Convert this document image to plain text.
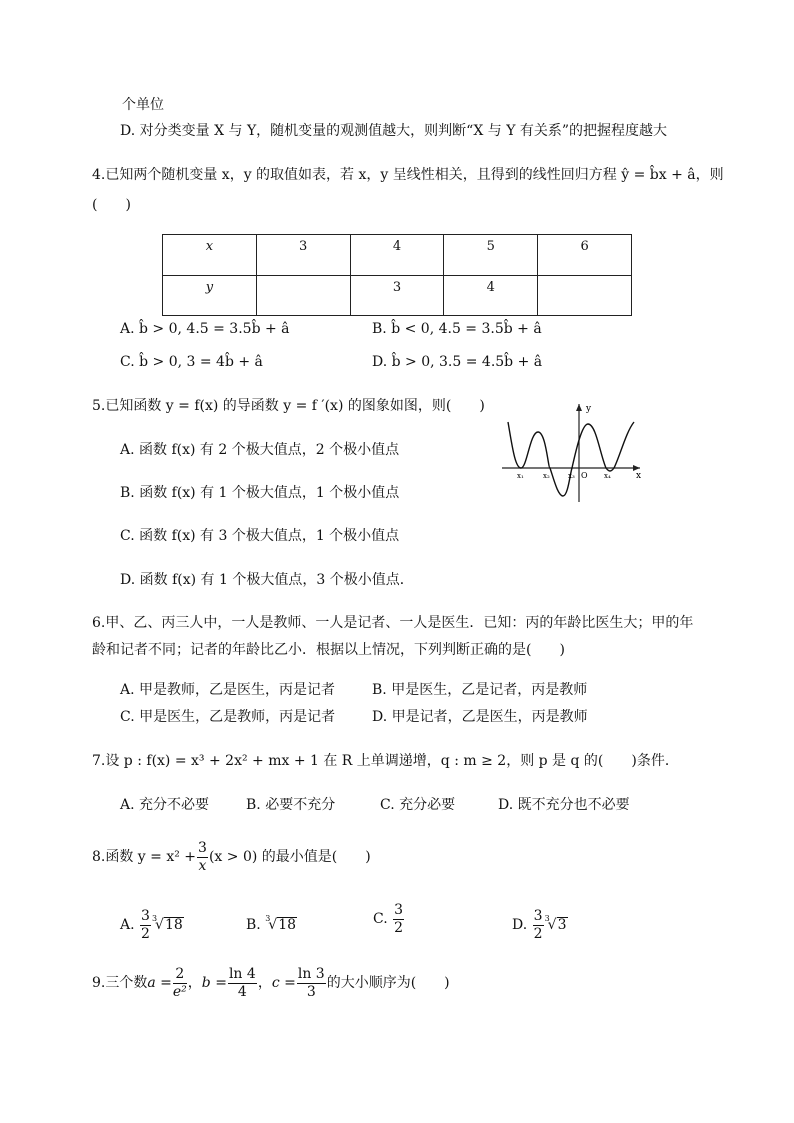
个单位
D. 对分类变量 X 与 Y，随机变量的观测值越大，则判断“X 与 Y 有关系”的把握程度越大
4.已知两个随机变量 x，y 的取值如表，若 x，y 呈线性相关，且得到的线性回归方程 ŷ = b̂x + â，则
(　　)
x	3	4	5	6
y		3	4	
A. b̂ > 0, 4.5 = 3.5b̂ + â	B. b̂ < 0, 4.5 = 3.5b̂ + â
C. b̂ > 0, 3 = 4b̂ + â	D. b̂ > 0, 3.5 = 4.5b̂ + â
5.已知函数 y = f(x) 的导函数 y = f ′(x) 的图象如图，则(　　)
A. 函数 f(x) 有 2 个极大值点，2 个极小值点
B. 函数 f(x) 有 1 个极大值点，1 个极小值点
C. 函数 f(x) 有 3 个极大值点，1 个极小值点
D. 函数 f(x) 有 1 个极大值点，3 个极小值点．
y
x
O
x₁	x₂	x₃	x₄
6.甲、乙、丙三人中，一人是教师、一人是记者、一人是医生．已知：丙的年龄比医生大；甲的年
龄和记者不同；记者的年龄比乙小．根据以上情况，下列判断正确的是(　　)
A. 甲是教师，乙是医生，丙是记者	B. 甲是医生，乙是记者，丙是教师
C. 甲是医生，乙是教师，丙是记者	D. 甲是记者，乙是医生，丙是教师
7.设 p : f(x) = x³ + 2x² + mx + 1 在 R 上单调递增，q : m ≥ 2，则 p 是 q 的(　　)条件．
A. 充分不必要	B. 必要不充分	C. 充分必要	D. 既不充分也不必要
8.函数 $y = x^2 + \frac{3}{x} (x > 0)$ 的最小值是(　　)
A. $\frac{3}{2} ^3√18$	B. $^3$√18	C. $\frac{3}{2}$	D. $\frac{3}{2} ^3√3$
9.三个数$a = \frac{2}{\text{e²}}$ ，$b = \frac{\ln 4}{4}$ ，$c = \frac{\ln 3}{3}$ 的大小顺序为(　　)
